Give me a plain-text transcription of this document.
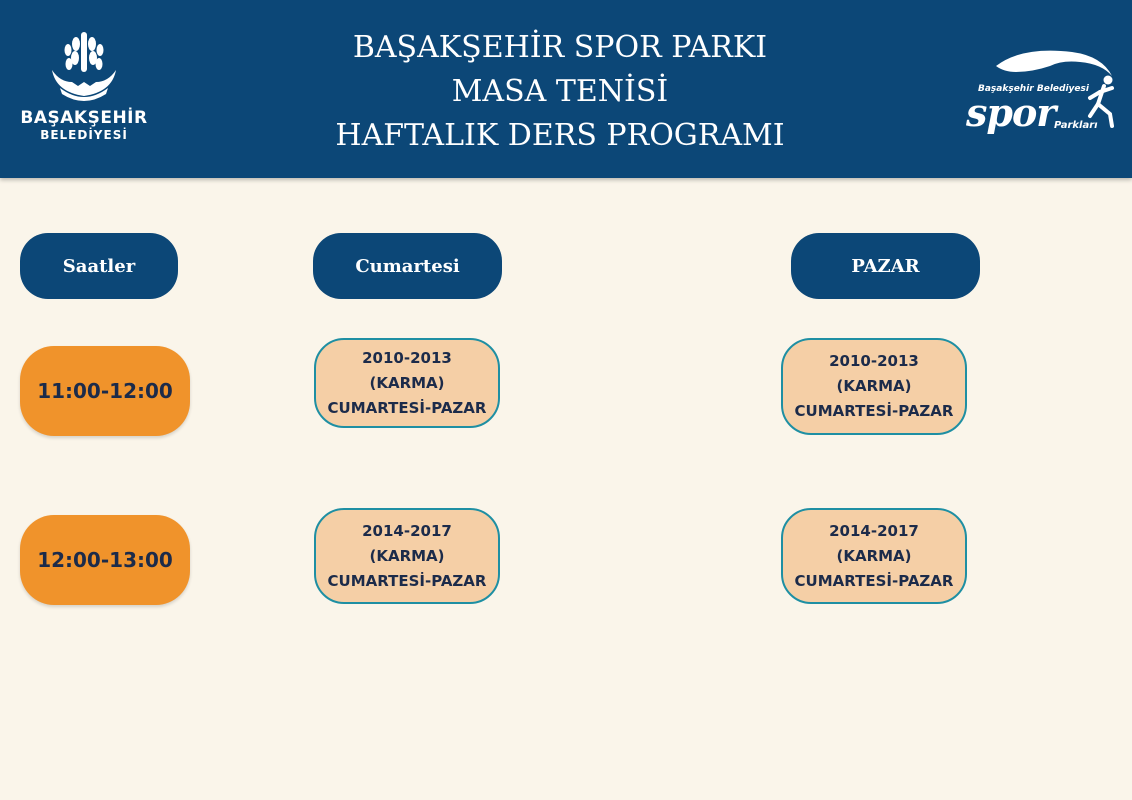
BAŞAKŞEHİR
BELEDİYESİ
BAŞAKŞEHİR SPOR PARKI
MASA TENİSİ
HAFTALIK DERS PROGRAMI
Başakşehir Belediyesi
spor
Parkları
Saatler	Cumartesi	PAZAR
11:00-12:00
12:00-13:00
2010-2013
(KARMA)
CUMARTESİ-PAZAR
2010-2013
(KARMA)
CUMARTESİ-PAZAR
2014-2017
(KARMA)
CUMARTESİ-PAZAR
2014-2017
(KARMA)
CUMARTESİ-PAZAR
